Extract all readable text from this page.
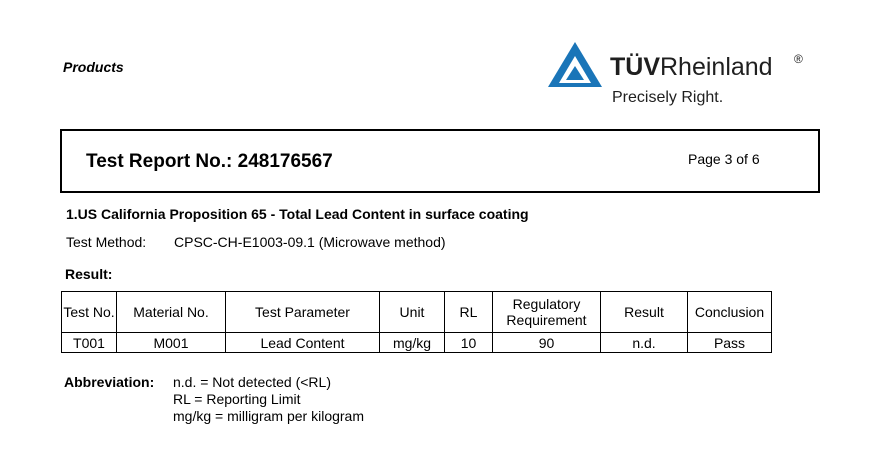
Products	TÜVRheinland ®
Precisely Right.
Test Report No.: 248176567	Page 3 of 6
1.US California Proposition 65 - Total Lead Content in surface coating
Test Method: CPSC-CH-E1003-09.1 (Microwave method)
Result:
Test No.	Material No.	Test Parameter	Unit	RL	Regulatory Requirement	Result	Conclusion
T001	M001	Lead Content	mg/kg	10	90	n.d.	Pass
Abbreviation: n.d. = Not detected (<RL)
RL = Reporting Limit
mg/kg = milligram per kilogram
